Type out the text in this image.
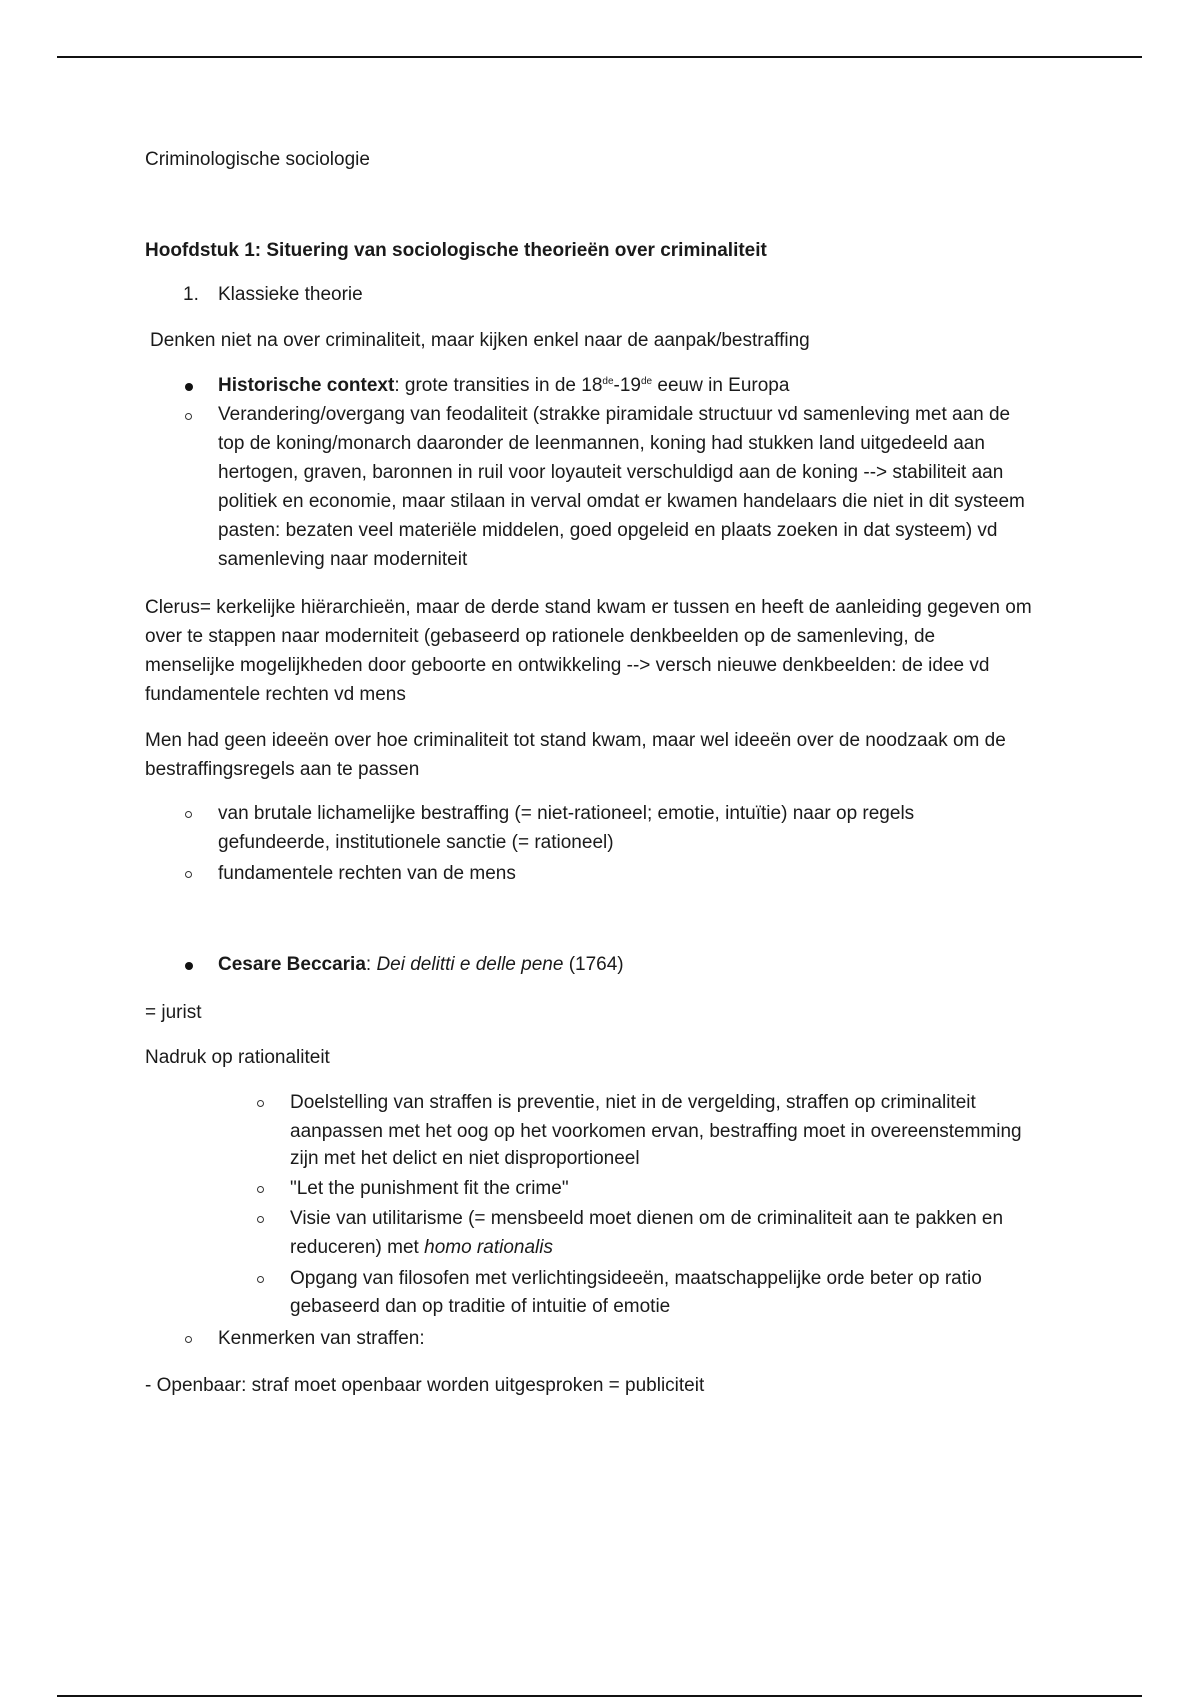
Criminologische sociologie
Hoofdstuk 1: Situering van sociologische theorieën over criminaliteit
1. Klassieke theorie
Denken niet na over criminaliteit, maar kijken enkel naar de aanpak/bestraffing
Historische context: grote transities in de 18de-19de eeuw in Europa
Verandering/overgang van feodaliteit (strakke piramidale structuur vd samenleving met aan de
top de koning/monarch daaronder de leenmannen, koning had stukken land uitgedeeld aan
hertogen, graven, baronnen in ruil voor loyauteit verschuldigd aan de koning --> stabiliteit aan
politiek en economie, maar stilaan in verval omdat er kwamen handelaars die niet in dit systeem
pasten: bezaten veel materiële middelen, goed opgeleid en plaats zoeken in dat systeem) vd
samenleving naar moderniteit
Clerus= kerkelijke hiërarchieën, maar de derde stand kwam er tussen en heeft de aanleiding gegeven om
over te stappen naar moderniteit (gebaseerd op rationele denkbeelden op de samenleving, de
menselijke mogelijkheden door geboorte en ontwikkeling --> versch nieuwe denkbeelden: de idee vd
fundamentele rechten vd mens
Men had geen ideeën over hoe criminaliteit tot stand kwam, maar wel ideeën over de noodzaak om de
bestraffingsregels aan te passen
van brutale lichamelijke bestraffing (= niet-rationeel; emotie, intuïtie) naar op regels
gefundeerde, institutionele sanctie (= rationeel)
fundamentele rechten van de mens
Cesare Beccaria: Dei delitti e delle pene (1764)
= jurist
Nadruk op rationaliteit
Doelstelling van straffen is preventie, niet in de vergelding, straffen op criminaliteit
aanpassen met het oog op het voorkomen ervan, bestraffing moet in overeenstemming
zijn met het delict en niet disproportioneel
"Let the punishment fit the crime"
Visie van utilitarisme (= mensbeeld moet dienen om de criminaliteit aan te pakken en
reduceren) met homo rationalis
Opgang van filosofen met verlichtingsideeën, maatschappelijke orde beter op ratio
gebaseerd dan op traditie of intuitie of emotie
Kenmerken van straffen:
- Openbaar: straf moet openbaar worden uitgesproken = publiciteit
